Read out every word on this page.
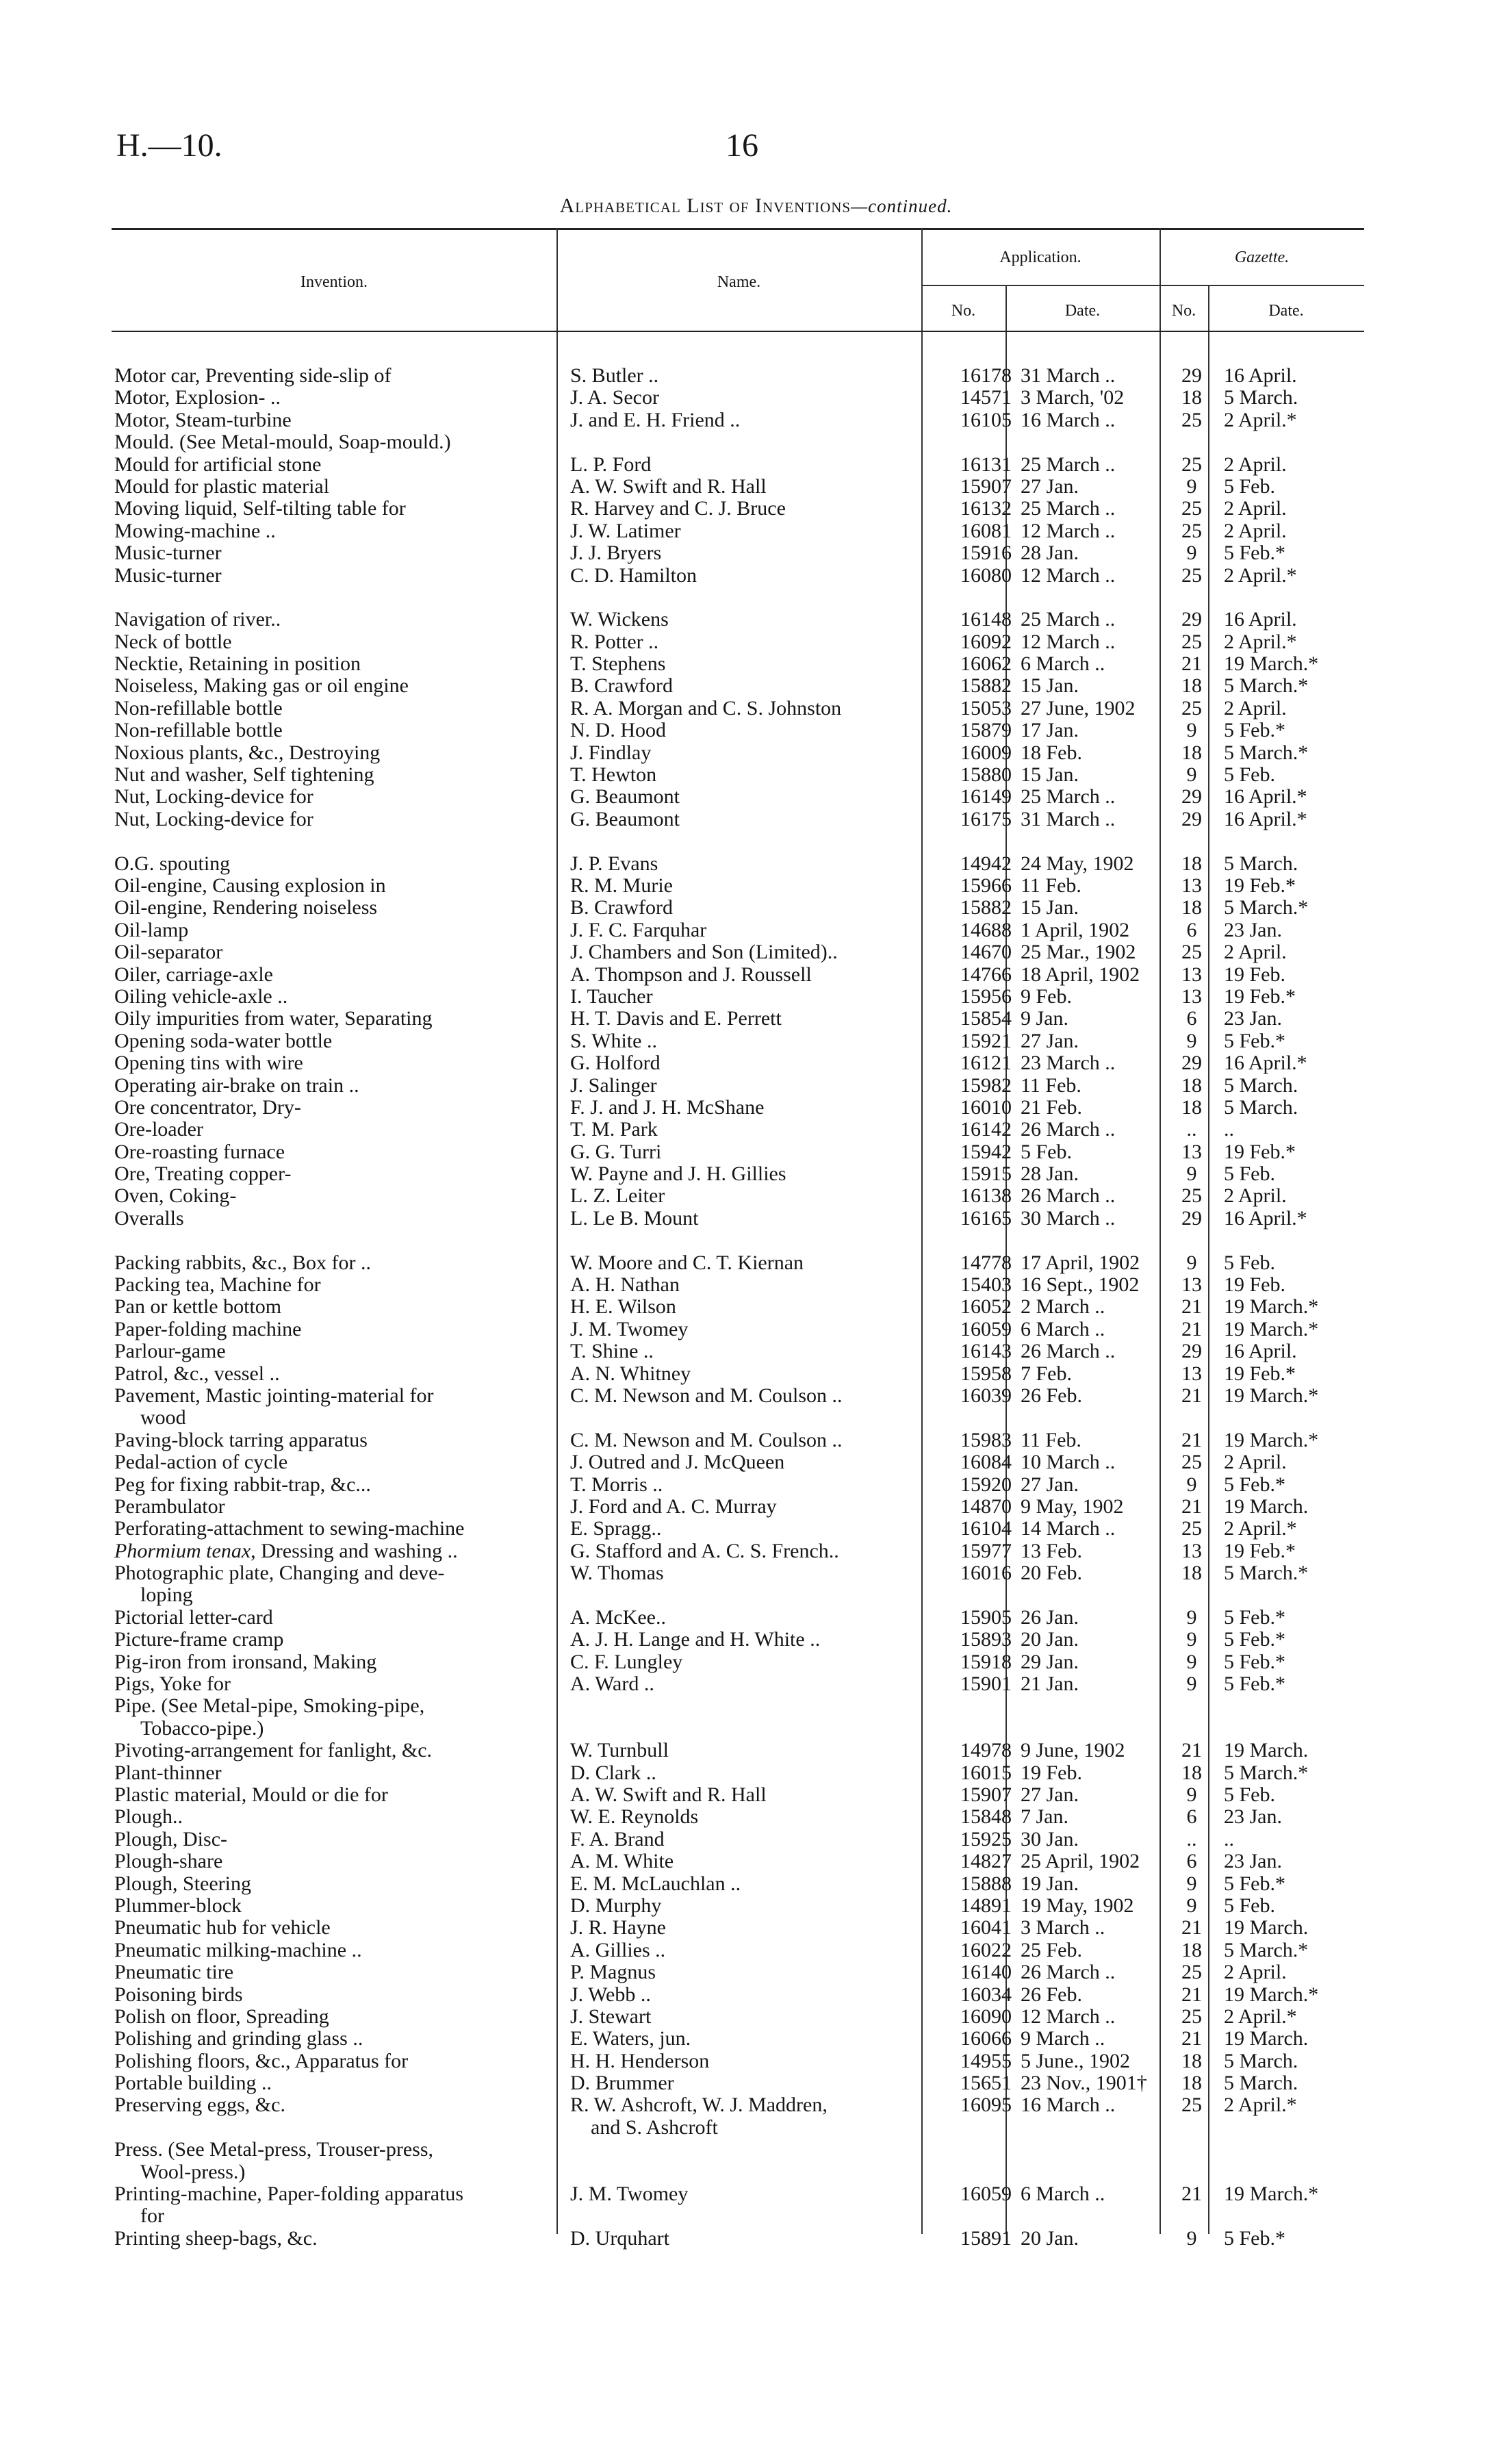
H.—10.	16
Alphabetical List of Inventions—continued.
Invention.	Name.
Application.
No.	Date.
Gazette.
No.	Date.
Motor car, Preventing side-slip of	S. Butler ..	16178 31 March ..	29	16 April.
Motor, Explosion- ..	J. A. Secor	14571 3 March, '02	18	5 March.
Motor, Steam-turbine	J. and E. H. Friend ..	16105 16 March ..	25	2 April.*
Mould. (See Metal-mould, Soap-mould.)
Mould for artificial stone	L. P. Ford	16131 25 March ..	25	2 April.
Mould for plastic material	A. W. Swift and R. Hall	15907 27 Jan.	9	5 Feb.
Moving liquid, Self-tilting table for	R. Harvey and C. J. Bruce	16132 25 March ..	25	2 April.
Mowing-machine ..	J. W. Latimer	16081 12 March ..	25	2 April.
Music-turner	J. J. Bryers	15916 28 Jan.	9	5 Feb.*
Music-turner	C. D. Hamilton	16080 12 March ..	25	2 April.*
Navigation of river..	W. Wickens	16148 25 March ..	29	16 April.
Neck of bottle	R. Potter ..	16092 12 March ..	25	2 April.*
Necktie, Retaining in position	T. Stephens	16062 6 March ..	21	19 March.*
Noiseless, Making gas or oil engine	B. Crawford	15882 15 Jan.	18	5 March.*
Non-refillable bottle	R. A. Morgan and C. S. Johnston	15053 27 June, 1902	25	2 April.
Non-refillable bottle	N. D. Hood	15879 17 Jan.	9	5 Feb.*
Noxious plants, &c., Destroying	J. Findlay	16009 18 Feb.	18	5 March.*
Nut and washer, Self tightening	T. Hewton	15880 15 Jan.	9	5 Feb.
Nut, Locking-device for	G. Beaumont	16149 25 March ..	29	16 April.*
Nut, Locking-device for	G. Beaumont	16175 31 March ..	29	16 April.*
O.G. spouting	J. P. Evans	14942 24 May, 1902	18	5 March.
Oil-engine, Causing explosion in	R. M. Murie	15966 11 Feb.	13	19 Feb.*
Oil-engine, Rendering noiseless	B. Crawford	15882 15 Jan.	18	5 March.*
Oil-lamp	J. F. C. Farquhar	14688 1 April, 1902	6	23 Jan.
Oil-separator	J. Chambers and Son (Limited)..	14670 25 Mar., 1902	25	2 April.
Oiler, carriage-axle	A. Thompson and J. Roussell	14766 18 April, 1902	13	19 Feb.
Oiling vehicle-axle ..	I. Taucher	15956 9 Feb.	13	19 Feb.*
Oily impurities from water, Separating	H. T. Davis and E. Perrett	15854 9 Jan.	6	23 Jan.
Opening soda-water bottle	S. White ..	15921 27 Jan.	9	5 Feb.*
Opening tins with wire	G. Holford	16121 23 March ..	29	16 April.*
Operating air-brake on train ..	J. Salinger	15982 11 Feb.	18	5 March.
Ore concentrator, Dry-	F. J. and J. H. McShane	16010 21 Feb.	18	5 March.
Ore-loader	T. M. Park	16142 26 March ..	..	..
Ore-roasting furnace	G. G. Turri	15942 5 Feb.	13	19 Feb.*
Ore, Treating copper-	W. Payne and J. H. Gillies	15915 28 Jan.	9	5 Feb.
Oven, Coking-	L. Z. Leiter	16138 26 March ..	25	2 April.
Overalls	L. Le B. Mount	16165 30 March ..	29	16 April.*
Packing rabbits, &c., Box for ..	W. Moore and C. T. Kiernan	14778 17 April, 1902	9	5 Feb.
Packing tea, Machine for	A. H. Nathan	15403 16 Sept., 1902	13	19 Feb.
Pan or kettle bottom	H. E. Wilson	16052 2 March ..	21	19 March.*
Paper-folding machine	J. M. Twomey	16059 6 March ..	21	19 March.*
Parlour-game	T. Shine ..	16143 26 March ..	29	16 April.
Patrol, &c., vessel ..	A. N. Whitney	15958 7 Feb.	13	19 Feb.*
Pavement, Mastic jointing-material for	C. M. Newson and M. Coulson ..	16039 26 Feb.	21	19 March.*
wood
Paving-block tarring apparatus	C. M. Newson and M. Coulson ..	15983 11 Feb.	21	19 March.*
Pedal-action of cycle	J. Outred and J. McQueen	16084 10 March ..	25	2 April.
Peg for fixing rabbit-trap, &c...	T. Morris ..	15920 27 Jan.	9	5 Feb.*
Perambulator	J. Ford and A. C. Murray	14870 9 May, 1902	21	19 March.
Perforating-attachment to sewing-machine	E. Spragg..	16104 14 March ..	25	2 April.*
Phormium tenax, Dressing and washing ..	G. Stafford and A. C. S. French..	15977 13 Feb.	13	19 Feb.*
Photographic plate, Changing and deve-	W. Thomas	16016 20 Feb.	18	5 March.*
loping
Pictorial letter-card	A. McKee..	15905 26 Jan.	9	5 Feb.*
Picture-frame cramp	A. J. H. Lange and H. White ..	15893 20 Jan.	9	5 Feb.*
Pig-iron from ironsand, Making	C. F. Lungley	15918 29 Jan.	9	5 Feb.*
Pigs, Yoke for	A. Ward ..	15901 21 Jan.	9	5 Feb.*
Pipe. (See Metal-pipe, Smoking-pipe,
Tobacco-pipe.)
Pivoting-arrangement for fanlight, &c.	W. Turnbull	14978 9 June, 1902	21	19 March.
Plant-thinner	D. Clark ..	16015 19 Feb.	18	5 March.*
Plastic material, Mould or die for	A. W. Swift and R. Hall	15907 27 Jan.	9	5 Feb.
Plough..	W. E. Reynolds	15848 7 Jan.	6	23 Jan.
Plough, Disc-	F. A. Brand	15925 30 Jan.	..	..
Plough-share	A. M. White	14827 25 April, 1902	6	23 Jan.
Plough, Steering	E. M. McLauchlan ..	15888 19 Jan.	9	5 Feb.*
Plummer-block	D. Murphy	14891 19 May, 1902	9	5 Feb.
Pneumatic hub for vehicle	J. R. Hayne	16041 3 March ..	21	19 March.
Pneumatic milking-machine ..	A. Gillies ..	16022 25 Feb.	18	5 March.*
Pneumatic tire	P. Magnus	16140 26 March ..	25	2 April.
Poisoning birds	J. Webb ..	16034 26 Feb.	21	19 March.*
Polish on floor, Spreading	J. Stewart	16090 12 March ..	25	2 April.*
Polishing and grinding glass ..	E. Waters, jun.	16066 9 March ..	21	19 March.
Polishing floors, &c., Apparatus for	H. H. Henderson	14955 5 June., 1902	18	5 March.
Portable building ..	D. Brummer	15651 23 Nov., 1901†	18	5 March.
Preserving eggs, &c.	R. W. Ashcroft, W. J. Maddren,	16095 16 March ..	25	2 April.*
and S. Ashcroft
Press. (See Metal-press, Trouser-press,
Wool-press.)
Printing-machine, Paper-folding apparatus	J. M. Twomey	16059 6 March ..	21	19 March.*
for
Printing sheep-bags, &c.	D. Urquhart	15891 20 Jan.	9	5 Feb.*
